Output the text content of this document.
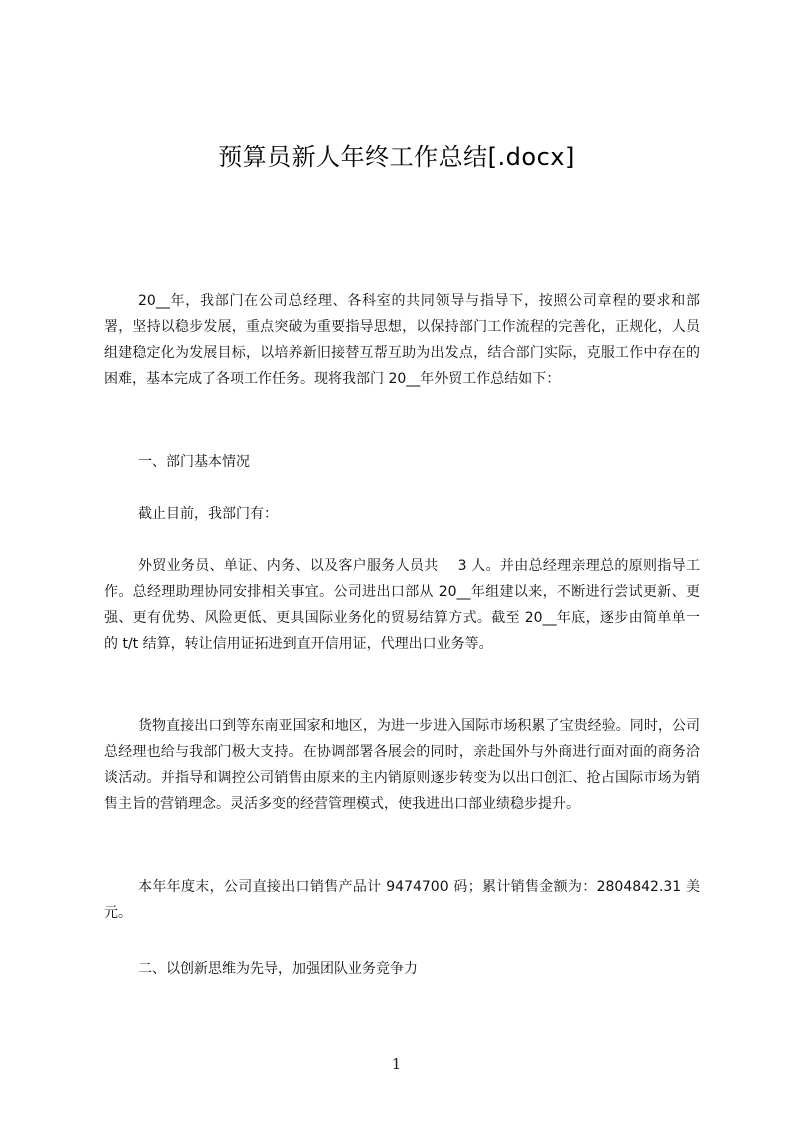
预算员新人年终工作总结[.docx]

20__年，我部门在公司总经理、各科室的共同领导与指导下，按照公司章程的要求和部署，坚持以稳步发展，重点突破为重要指导思想，以保持部门工作流程的完善化，正规化，人员组建稳定化为发展目标，以培养新旧接替互帮互助为出发点，结合部门实际，克服工作中存在的困难，基本完成了各项工作任务。现将我部门 20__年外贸工作总结如下：

一、部门基本情况

截止目前，我部门有：

外贸业务员、单证、内务、以及客户服务人员共　 3 人。并由总经理亲理总的原则指导工作。总经理助理协同安排相关事宜。公司进出口部从 20__年组建以来，不断进行尝试更新、更强、更有优势、风险更低、更具国际业务化的贸易结算方式。截至 20__年底，逐步由简单单一的 t/t 结算，转让信用证拓进到直开信用证，代理出口业务等。

货物直接出口到等东南亚国家和地区，为进一步进入国际市场积累了宝贵经验。同时，公司总经理也给与我部门极大支持。在协调部署各展会的同时，亲赴国外与外商进行面对面的商务洽谈活动。并指导和调控公司销售由原来的主内销原则逐步转变为以出口创汇、抢占国际市场为销售主旨的营销理念。灵活多变的经营管理模式，使我进出口部业绩稳步提升。

本年年度末，公司直接出口销售产品计 9474700 码；累计销售金额为：2804842.31 美元。

二、以创新思维为先导，加强团队业务竞争力

1
